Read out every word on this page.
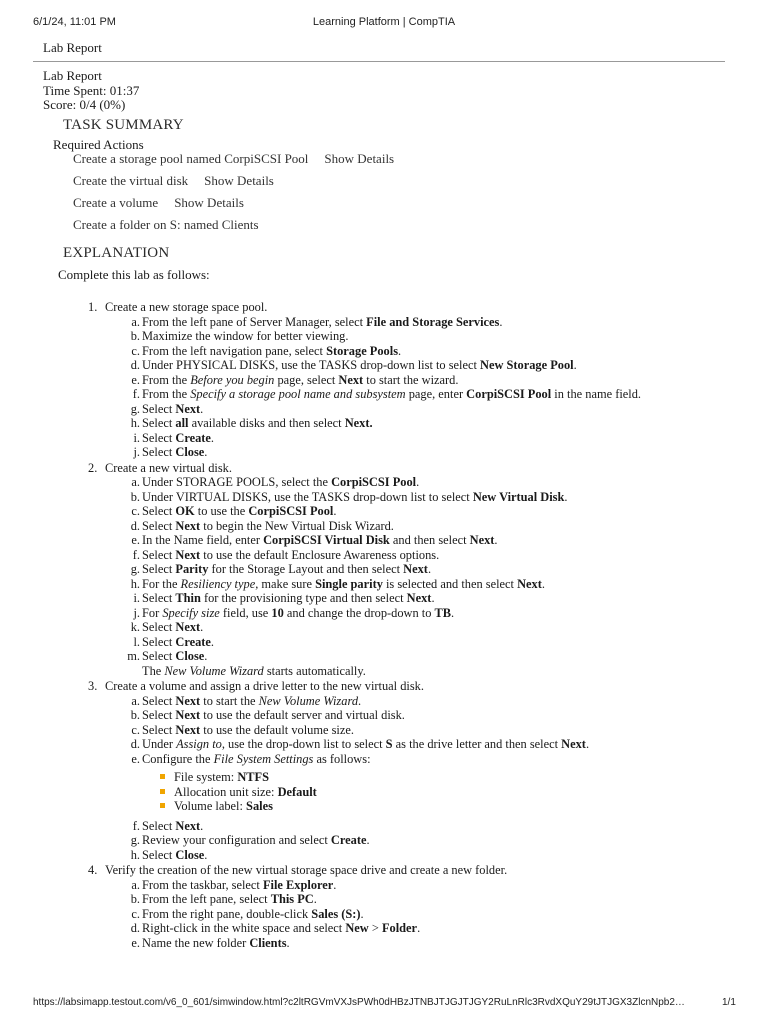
6/1/24, 11:01 PM	Learning Platform | CompTIA
Lab Report
Lab Report
Time Spent: 01:37
Score: 0/4 (0%)
TASK SUMMARY
Required Actions
Create a storage pool named CorpiSCSI Pool Show Details
Create the virtual disk Show Details
Create a volume Show Details
Create a folder on S: named Clients
EXPLANATION
Complete this lab as follows:
1. Create a new storage space pool.
a. From the left pane of Server Manager, select File and Storage Services.
b. Maximize the window for better viewing.
c. From the left navigation pane, select Storage Pools.
d. Under PHYSICAL DISKS, use the TASKS drop-down list to select New Storage Pool.
e. From the Before you begin page, select Next to start the wizard.
f. From the Specify a storage pool name and subsystem page, enter CorpiSCSI Pool in the name field.
g. Select Next.
h. Select all available disks and then select Next.
i. Select Create.
j. Select Close.
2. Create a new virtual disk.
a. Under STORAGE POOLS, select the CorpiSCSI Pool.
b. Under VIRTUAL DISKS, use the TASKS drop-down list to select New Virtual Disk.
c. Select OK to use the CorpiSCSI Pool.
d. Select Next to begin the New Virtual Disk Wizard.
e. In the Name field, enter CorpiSCSI Virtual Disk and then select Next.
f. Select Next to use the default Enclosure Awareness options.
g. Select Parity for the Storage Layout and then select Next.
h. For the Resiliency type, make sure Single parity is selected and then select Next.
i. Select Thin for the provisioning type and then select Next.
j. For Specify size field, use 10 and change the drop-down to TB.
k. Select Next.
l. Select Create.
m. Select Close.
The New Volume Wizard starts automatically.
3. Create a volume and assign a drive letter to the new virtual disk.
a. Select Next to start the New Volume Wizard.
b. Select Next to use the default server and virtual disk.
c. Select Next to use the default volume size.
d. Under Assign to, use the drop-down list to select S as the drive letter and then select Next.
e. Configure the File System Settings as follows:
File system: NTFS
Allocation unit size: Default
Volume label: Sales
f. Select Next.
g. Review your configuration and select Create.
h. Select Close.
4. Verify the creation of the new virtual storage space drive and create a new folder.
a. From the taskbar, select File Explorer.
b. From the left pane, select This PC.
c. From the right pane, double-click Sales (S:).
d. Right-click in the white space and select New > Folder.
e. Name the new folder Clients.
https://labsimapp.testout.com/v6_0_601/simwindow.html?c2ltRGVmVXJsPWh0dHBzJTNBJTJGJTJGY2RuLnRlc3RvdXQuY29tJTJGX3ZlcnNpb2…	1/1
